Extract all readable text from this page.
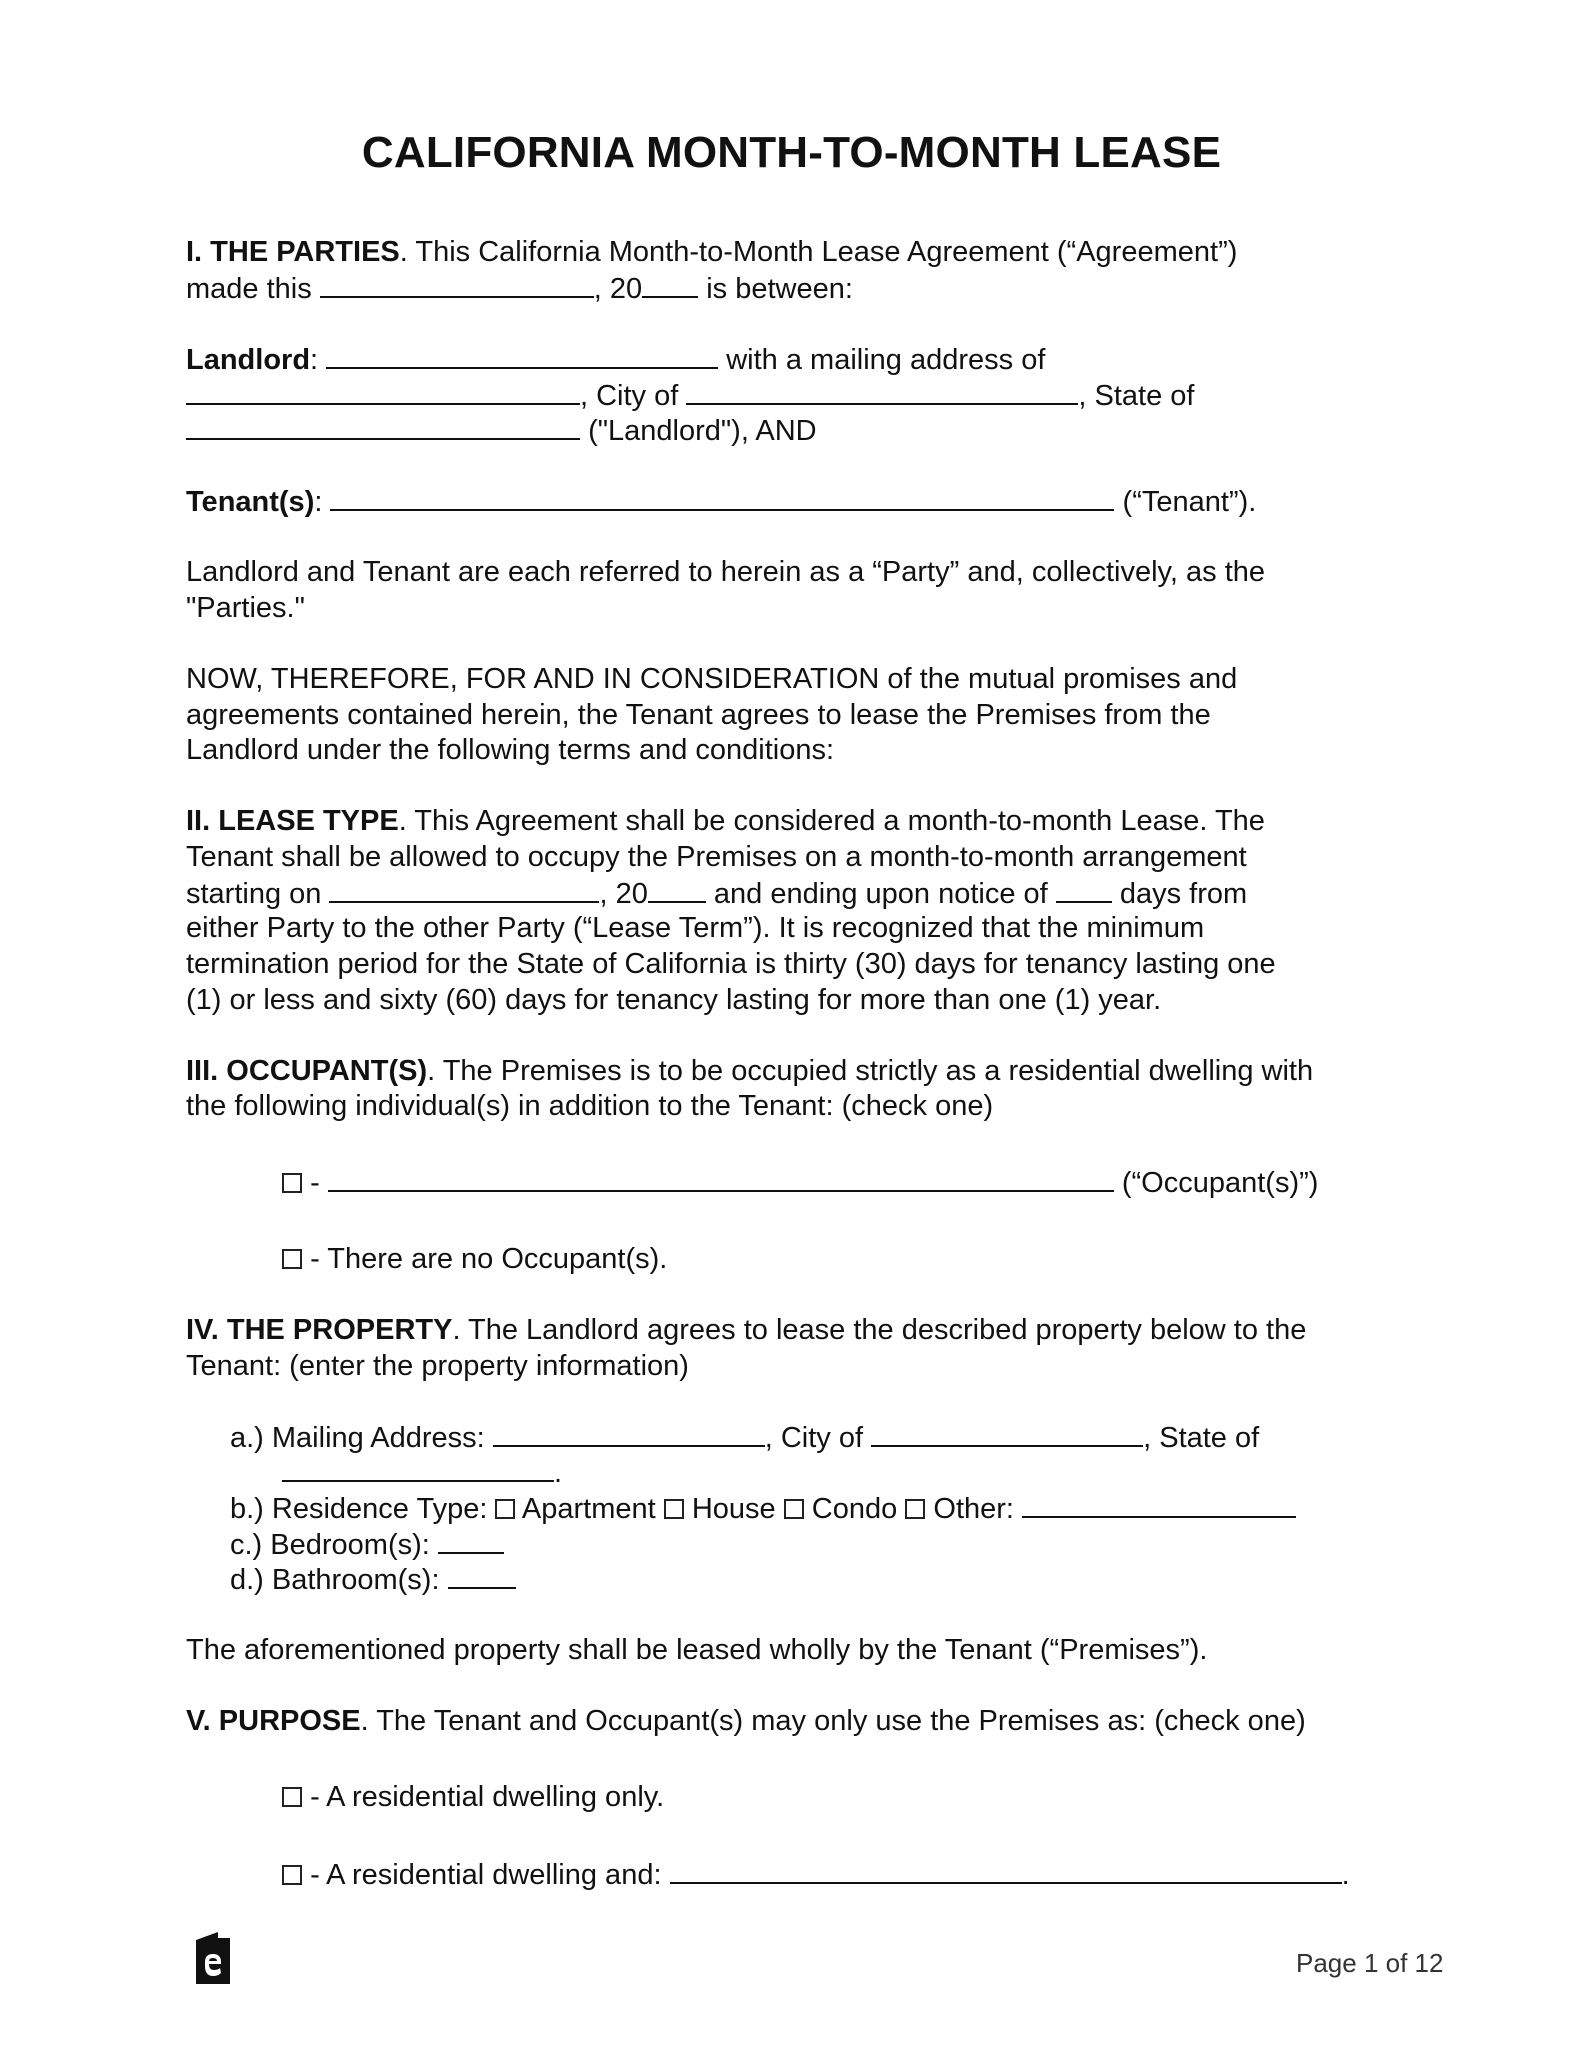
CALIFORNIA MONTH-TO-MONTH LEASE
I. THE PARTIES. This California Month-to-Month Lease Agreement (“Agreement”)
made this	, 20 is between:
Landlord:	with a mailing address of
, City of	, State of
("Landlord"), AND
Tenant(s):	(“Tenant”).
Landlord and Tenant are each referred to herein as a “Party” and, collectively, as the
"Parties."
NOW, THEREFORE, FOR AND IN CONSIDERATION of the mutual promises and
agreements contained herein, the Tenant agrees to lease the Premises from the
Landlord under the following terms and conditions:
II. LEASE TYPE. This Agreement shall be considered a month-to-month Lease. The
Tenant shall be allowed to occupy the Premises on a month-to-month arrangement
starting on	, 20 and ending upon notice of days from
either Party to the other Party (“Lease Term”). It is recognized that the minimum
termination period for the State of California is thirty (30) days for tenancy lasting one
(1) or less and sixty (60) days for tenancy lasting for more than one (1) year.
III. OCCUPANT(S). The Premises is to be occupied strictly as a residential dwelling with
the following individual(s) in addition to the Tenant: (check one)
-	(“Occupant(s)”)
- There are no Occupant(s).
IV. THE PROPERTY. The Landlord agrees to lease the described property below to the
Tenant: (enter the property information)
a.) Mailing Address:	, City of	, State of
.
b.) Residence Type: Apartment House Condo Other:
c.) Bedroom(s):
d.) Bathroom(s):
The aforementioned property shall be leased wholly by the Tenant (“Premises”).
V. PURPOSE. The Tenant and Occupant(s) may only use the Premises as: (check one)
- A residential dwelling only.
- A residential dwelling and:	.
Page 1 of 12
